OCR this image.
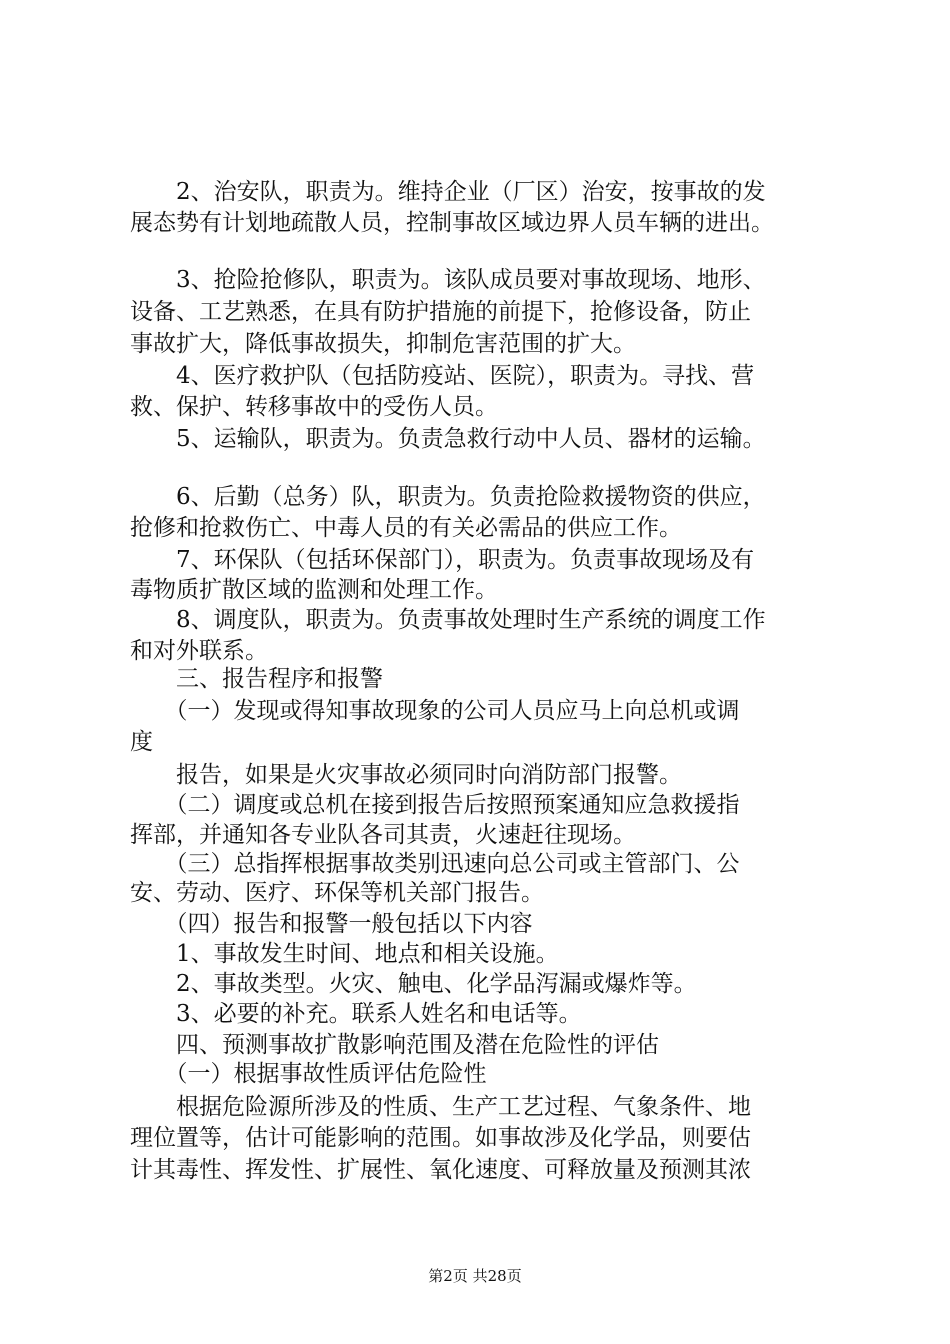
　　2、治安队，职责为。维持企业（厂区）治安，按事故的发
展态势有计划地疏散人员，控制事故区域边界人员车辆的进出。
　　3、抢险抢修队，职责为。该队成员要对事故现场、地形、
设备、工艺熟悉，在具有防护措施的前提下，抢修设备，防止
事故扩大，降低事故损失，抑制危害范围的扩大。
　　4、医疗救护队（包括防疫站、医院），职责为。寻找、营
救、保护、转移事故中的受伤人员。
　　5、运输队，职责为。负责急救行动中人员、器材的运输。
　　6、后勤（总务）队，职责为。负责抢险救援物资的供应，
抢修和抢救伤亡、中毒人员的有关必需品的供应工作。
　　7、环保队（包括环保部门），职责为。负责事故现场及有
毒物质扩散区域的监测和处理工作。
　　8、调度队，职责为。负责事故处理时生产系统的调度工作
和对外联系。
　　三、报告程序和报警
　　（一）发现或得知事故现象的公司人员应马上向总机或调
度
　　报告，如果是火灾事故必须同时向消防部门报警。
　　（二）调度或总机在接到报告后按照预案通知应急救援指
挥部，并通知各专业队各司其责，火速赶往现场。
　　（三）总指挥根据事故类别迅速向总公司或主管部门、公
安、劳动、医疗、环保等机关部门报告。
　　（四）报告和报警一般包括以下内容
　　1、事故发生时间、地点和相关设施。
　　2、事故类型。火灾、触电、化学品泻漏或爆炸等。
　　3、必要的补充。联系人姓名和电话等。
　　四、预测事故扩散影响范围及潜在危险性的评估
　　（一）根据事故性质评估危险性
　　根据危险源所涉及的性质、生产工艺过程、气象条件、地
理位置等，估计可能影响的范围。如事故涉及化学品，则要估
计其毒性、挥发性、扩展性、氧化速度、可释放量及预测其浓
第2页 共28页
